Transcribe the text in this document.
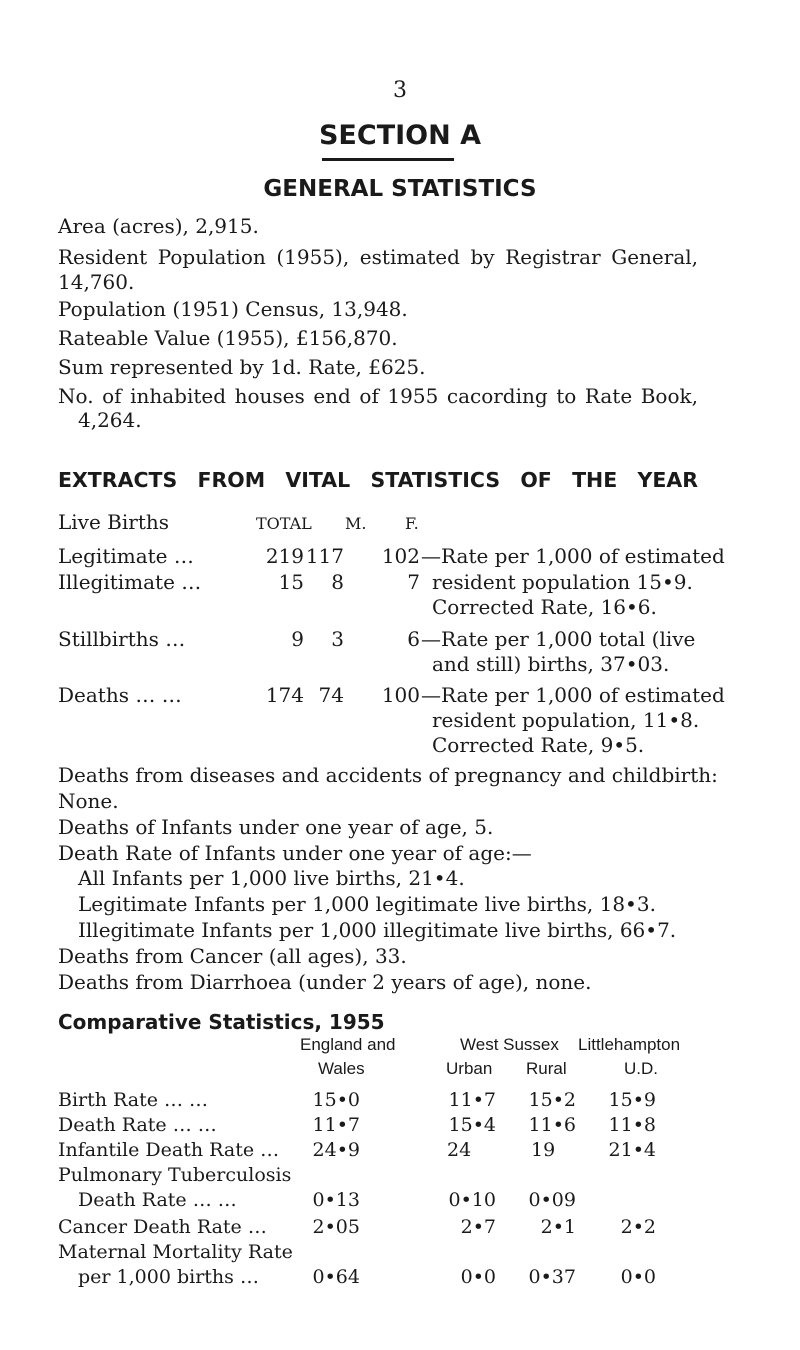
3
SECTION A
GENERAL STATISTICS
Area (acres), 2,915.
Resident Population (1955), estimated by Registrar General,
14,760.
Population (1951) Census, 13,948.
Rateable Value (1955), £156,870.
Sum represented by 1d. Rate, £625.
No. of inhabited houses end of 1955 cacording to Rate Book,
4,264.
EXTRACTS FROM VITAL STATISTICS OF THE YEAR
Live Births	TOTAL M. F.
Legitimate …	219 117	102 —Rate per 1,000 of estimated
Illegitimate …	15	8	7 resident population 15•9.
Corrected Rate, 16•6.
Stillbirths …	9	3	6 —Rate per 1,000 total (live
and still) births, 37•03.
Deaths … …	174 74	100 —Rate per 1,000 of estimated
resident population, 11•8.
Corrected Rate, 9•5.
Deaths from diseases and accidents of pregnancy and childbirth:
None.
Deaths of Infants under one year of age, 5.
Death Rate of Infants under one year of age:—
All Infants per 1,000 live births, 21•4.
Legitimate Infants per 1,000 legitimate live births, 18•3.
Illegitimate Infants per 1,000 illegitimate live births, 66•7.
Deaths from Cancer (all ages), 33.
Deaths from Diarrhoea (under 2 years of age), none.
Comparative Statistics, 1955
England and
Wales
West Sussex
Urban Rural
Littlehampton
U.D.
Birth Rate … …	15•0	11•7	15•2	15•9
Death Rate … …	11•7	15•4	11•6	11•8
Infantile Death Rate …	24•9	24	19	21•4
Pulmonary Tuberculosis
Death Rate … …	0•13	0•10	0•09
Cancer Death Rate …	2•05	2•7	2•1	2•2
Maternal Mortality Rate
per 1,000 births …	0•64	0•0	0•37	0•0
